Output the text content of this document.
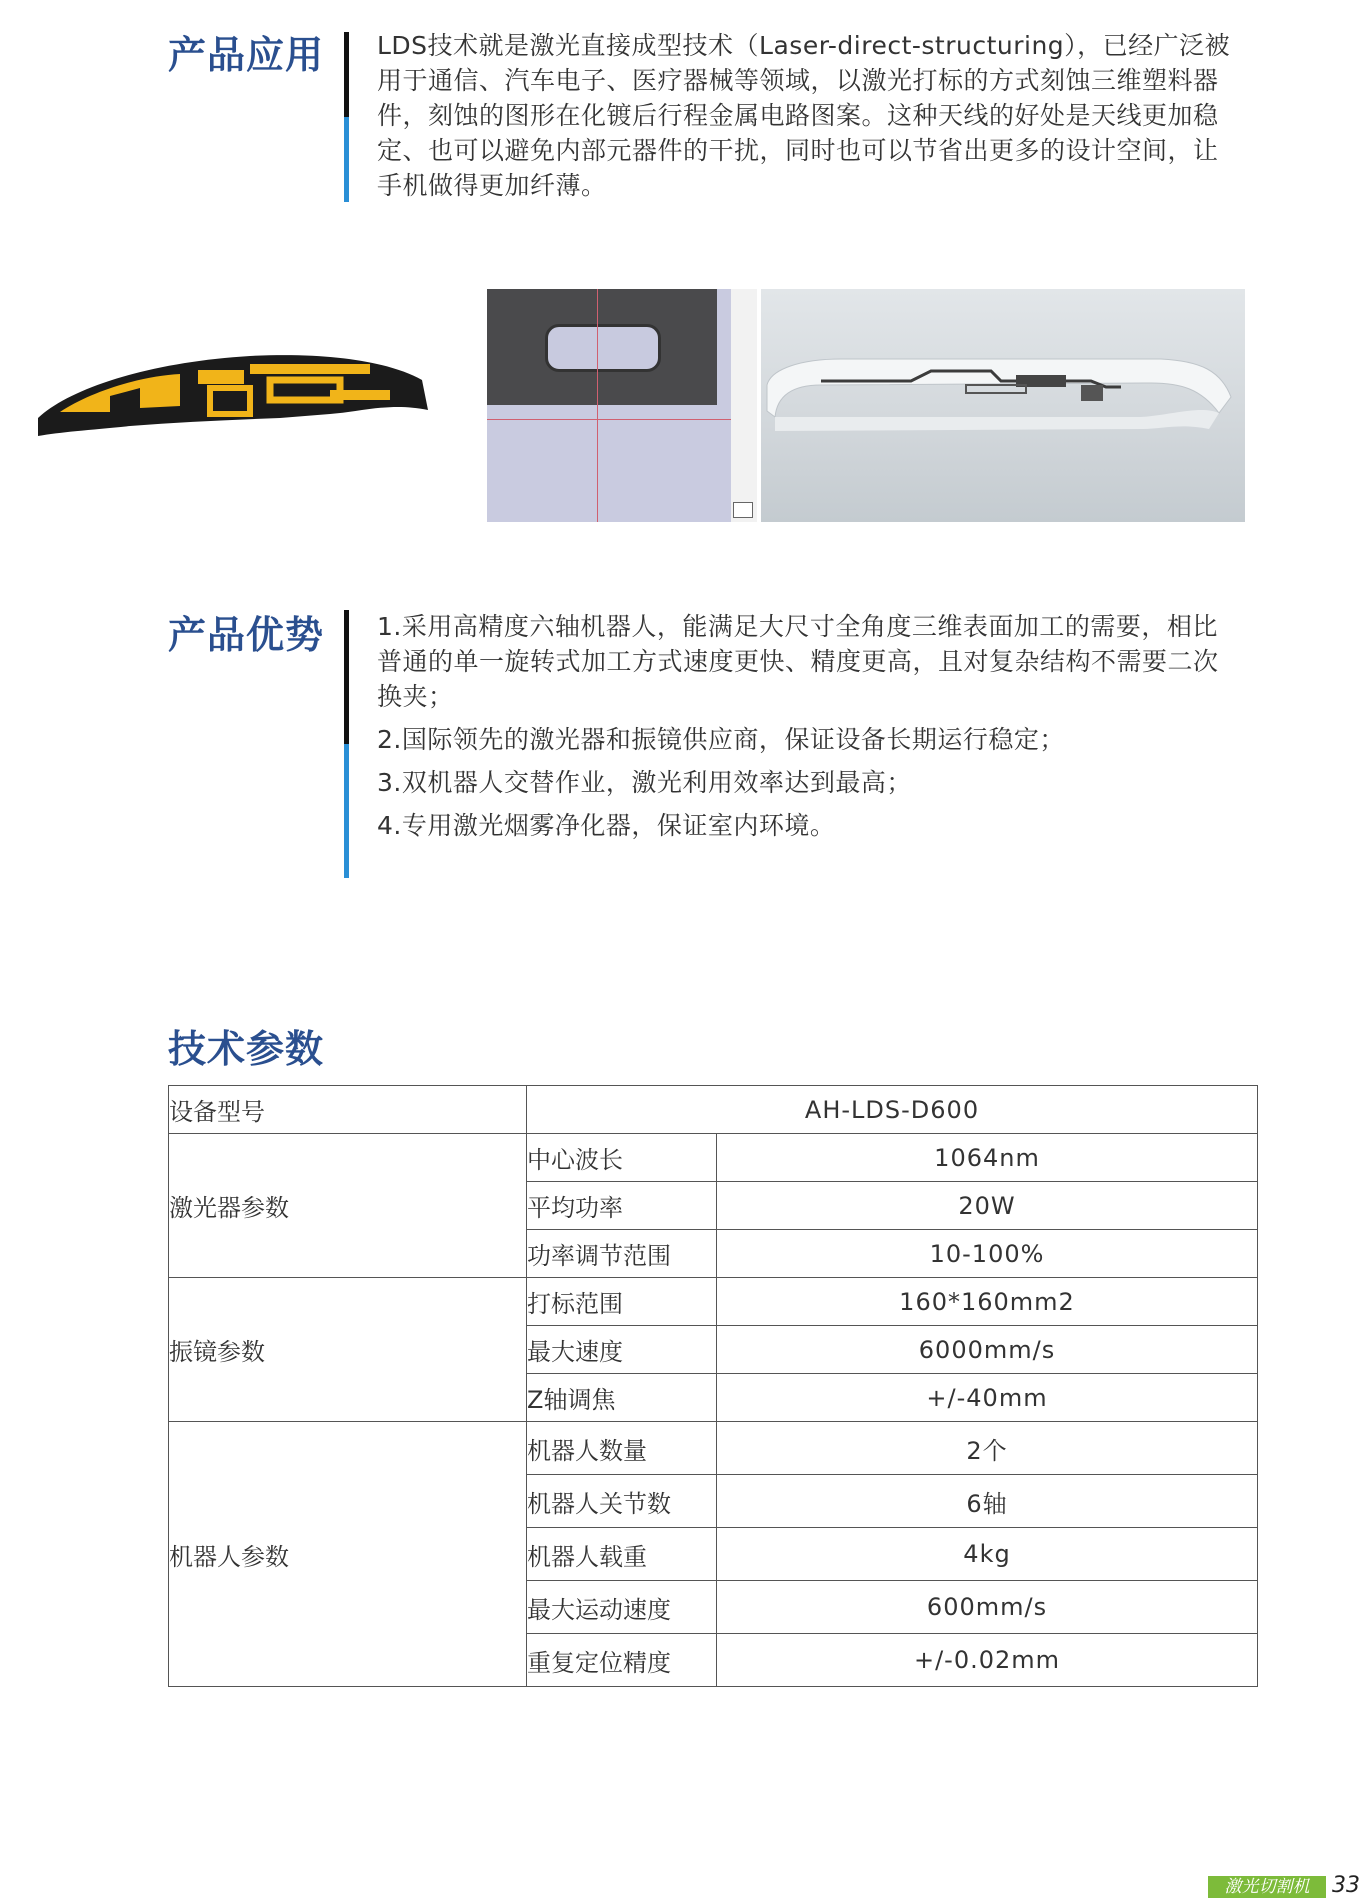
产品应用 LDS技术就是激光直接成型技术（Laser-direct-structuring），已经广泛被用于通信、汽车电子、医疗器械等领域，以激光打标的方式刻蚀三维塑料器件，刻蚀的图形在化镀后行程金属电路图案。这种天线的好处是天线更加稳定、也可以避免内部元器件的干扰，同时也可以节省出更多的设计空间，让手机做得更加纤薄。
产品优势 1.采用高精度六轴机器人，能满足大尺寸全角度三维表面加工的需要，相比普通的单一旋转式加工方式速度更快、精度更高，且对复杂结构不需要二次换夹；
2.国际领先的激光器和振镜供应商，保证设备长期运行稳定；
3.双机器人交替作业，激光利用效率达到最高；
4.专用激光烟雾净化器，保证室内环境。
技术参数
设备型号	AH-LDS-D600	
激光器参数	中心波长	1064nm
	平均功率	20W
	功率调节范围	10-100%
振镜参数	打标范围	160*160mm2
	最大速度	6000mm/s
	Z轴调焦	+/-40mm
机器人参数	机器人数量	2个
	机器人关节数	6轴
	机器人载重	4kg
	最大运动速度	600mm/s
	重复定位精度	+/-0.02mm
激光切割机	33
